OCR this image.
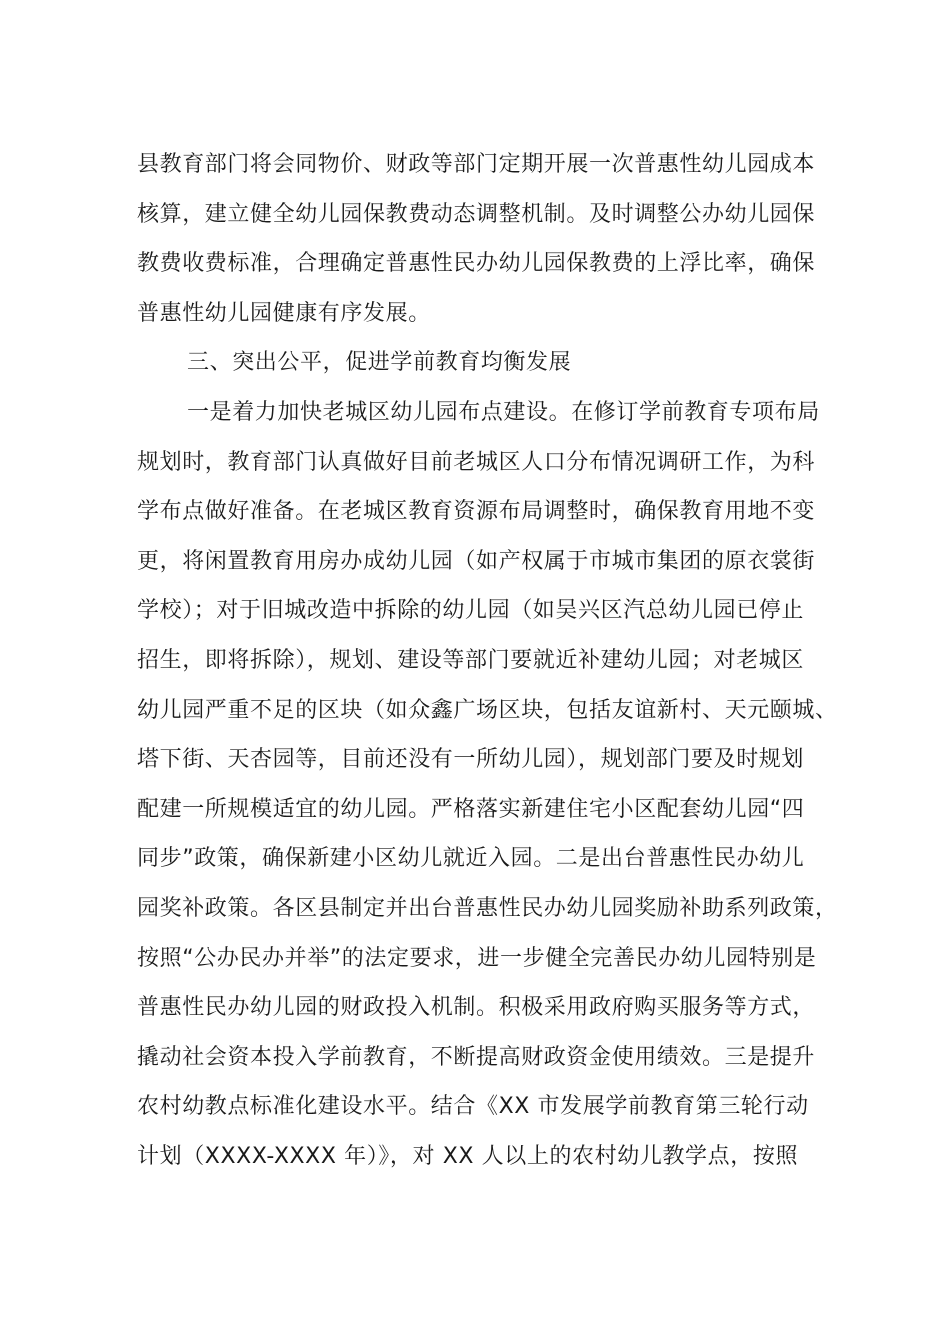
县教育部门将会同物价、财政等部门定期开展一次普惠性幼儿园成本
核算，建立健全幼儿园保教费动态调整机制。及时调整公办幼儿园保
教费收费标准，合理确定普惠性民办幼儿园保教费的上浮比率，确保
普惠性幼儿园健康有序发展。
三、突出公平，促进学前教育均衡发展
一是着力加快老城区幼儿园布点建设。在修订学前教育专项布局
规划时，教育部门认真做好目前老城区人口分布情况调研工作，为科
学布点做好准备。在老城区教育资源布局调整时，确保教育用地不变
更，将闲置教育用房办成幼儿园（如产权属于市城市集团的原衣裳街
学校）；对于旧城改造中拆除的幼儿园（如吴兴区汽总幼儿园已停止
招生，即将拆除），规划、建设等部门要就近补建幼儿园；对老城区
幼儿园严重不足的区块（如众鑫广场区块，包括友谊新村、天元颐城、
塔下街、天杏园等，目前还没有一所幼儿园），规划部门要及时规划
配建一所规模适宜的幼儿园。严格落实新建住宅小区配套幼儿园“四
同步”政策，确保新建小区幼儿就近入园。二是出台普惠性民办幼儿
园奖补政策。各区县制定并出台普惠性民办幼儿园奖励补助系列政策，
按照“公办民办并举”的法定要求，进一步健全完善民办幼儿园特别是
普惠性民办幼儿园的财政投入机制。积极采用政府购买服务等方式，
撬动社会资本投入学前教育，不断提高财政资金使用绩效。三是提升
农村幼教点标准化建设水平。结合《XX 市发展学前教育第三轮行动
计划（XXXX-XXXX 年）》，对 XX 人以上的农村幼儿教学点，按照
